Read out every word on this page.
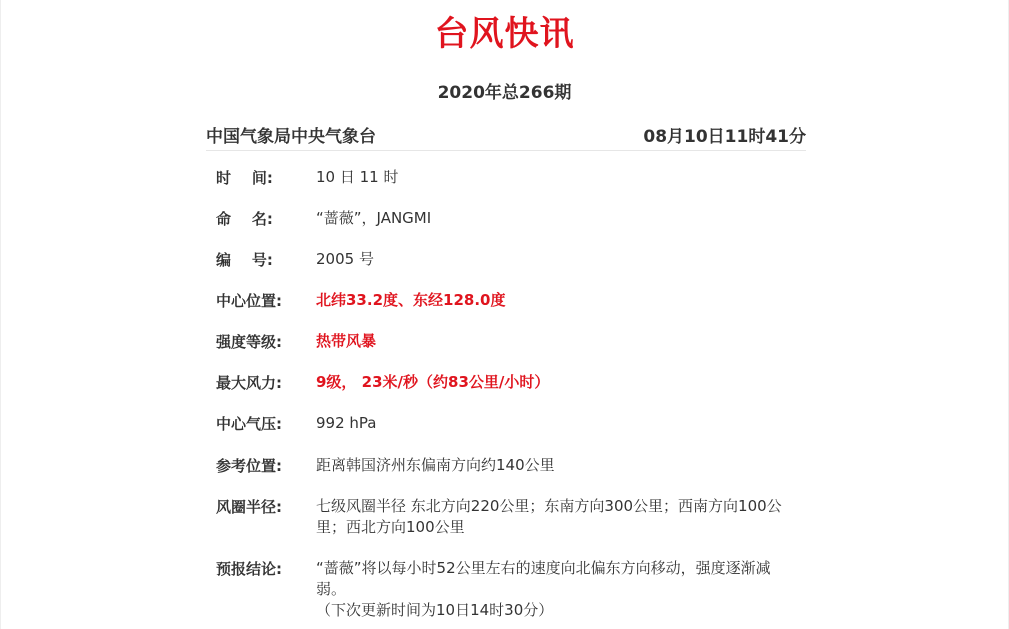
台风快讯
2020年总266期
中国气象局中央气象台	08月10日11时41分
时    间:	10 日 11 时
命    名:	“蔷薇”，JANGMI
编    号:	2005 号
中心位置:	北纬33.2度、东经128.0度
强度等级:	热带风暴
最大风力:	9级， 23米/秒（约83公里/小时）
中心气压:	992 hPa
参考位置:	距离韩国济州东偏南方向约140公里
风圈半径:	七级风圈半径 东北方向220公里；东南方向300公里；西南方向100公里；西北方向100公里
预报结论:	“蔷薇”将以每小时52公里左右的速度向北偏东方向移动，强度逐渐减弱。
（下次更新时间为10日14时30分）
